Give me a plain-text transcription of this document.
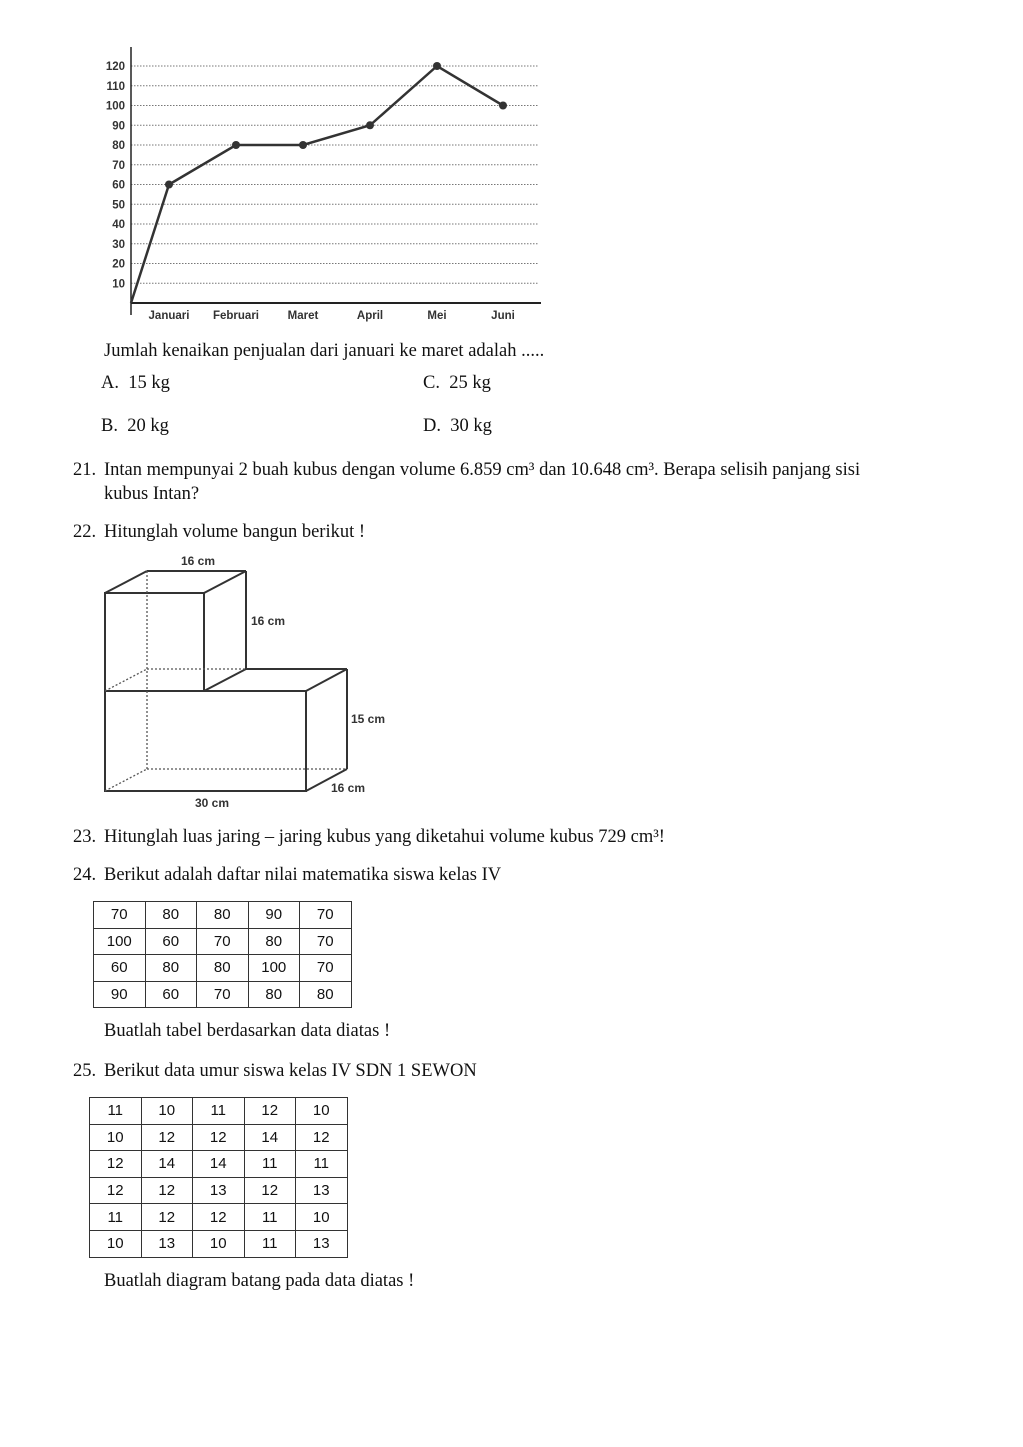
10
20
30
40
50
60
70
80
90
100
110
120
Januari Februari Maret	April	Mei	Juni
Jumlah kenaikan penjualan dari januari ke maret adalah .....
A. 15 kg
B. 20 kg
C. 25 kg
D. 30 kg
21. Intan mempunyai 2 buah kubus dengan volume 6.859 cm³ dan 10.648 cm³. Berapa selisih panjang sisi
kubus Intan?
22. Hitunglah volume bangun berikut !
16 cm
16 cm
15 cm
16 cm
30 cm
23. Hitunglah luas jaring – jaring kubus yang diketahui volume kubus 729 cm³!
24. Berikut adalah daftar nilai matematika siswa kelas IV
70	80	80	90	70
100	60	70	80	70
60	80	80	100	70
90	60	70	80	80
Buatlah tabel berdasarkan data diatas !
25. Berikut data umur siswa kelas IV SDN 1 SEWON
11	10	11	12	10
10	12	12	14	12
12	14	14	11	11
12	12	13	12	13
11	12	12	11	10
10	13	10	11	13
Buatlah diagram batang pada data diatas !
